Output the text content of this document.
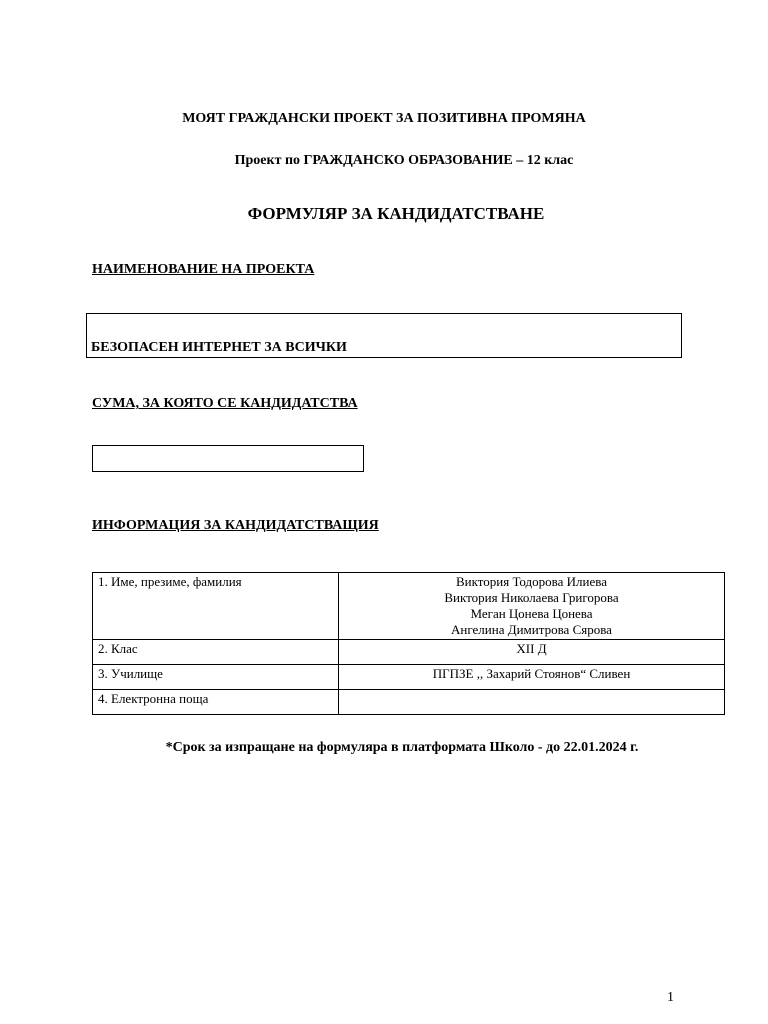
МОЯТ ГРАЖДАНСКИ ПРОЕКТ ЗА ПОЗИТИВНА ПРОМЯНА
Проект по ГРАЖДАНСКО ОБРАЗОВАНИЕ – 12 клас
ФОРМУЛЯР ЗА КАНДИДАТСТВАНЕ
НАИМЕНОВАНИЕ НА ПРОЕКТА
БЕЗОПАСЕН ИНТЕРНЕТ ЗА ВСИЧКИ
СУМА, ЗА КОЯТО СЕ КАНДИДАТСТВА
ИНФОРМАЦИЯ ЗА КАНДИДАТСТВАЩИЯ
1. Име, презиме, фамилия	Виктория Тодорова Илиева
Виктория Николаева Григорова
Меган Цонева Цонева
Ангелина Димитрова Сярова

2. Клас	XII Д
3. Училище	ПГПЗЕ ,, Захарий Стоянов“ Сливен
4. Електронна поща	
*Срок за изпращане на формуляра в платформата Школо - до 22.01.2024 г.
1
